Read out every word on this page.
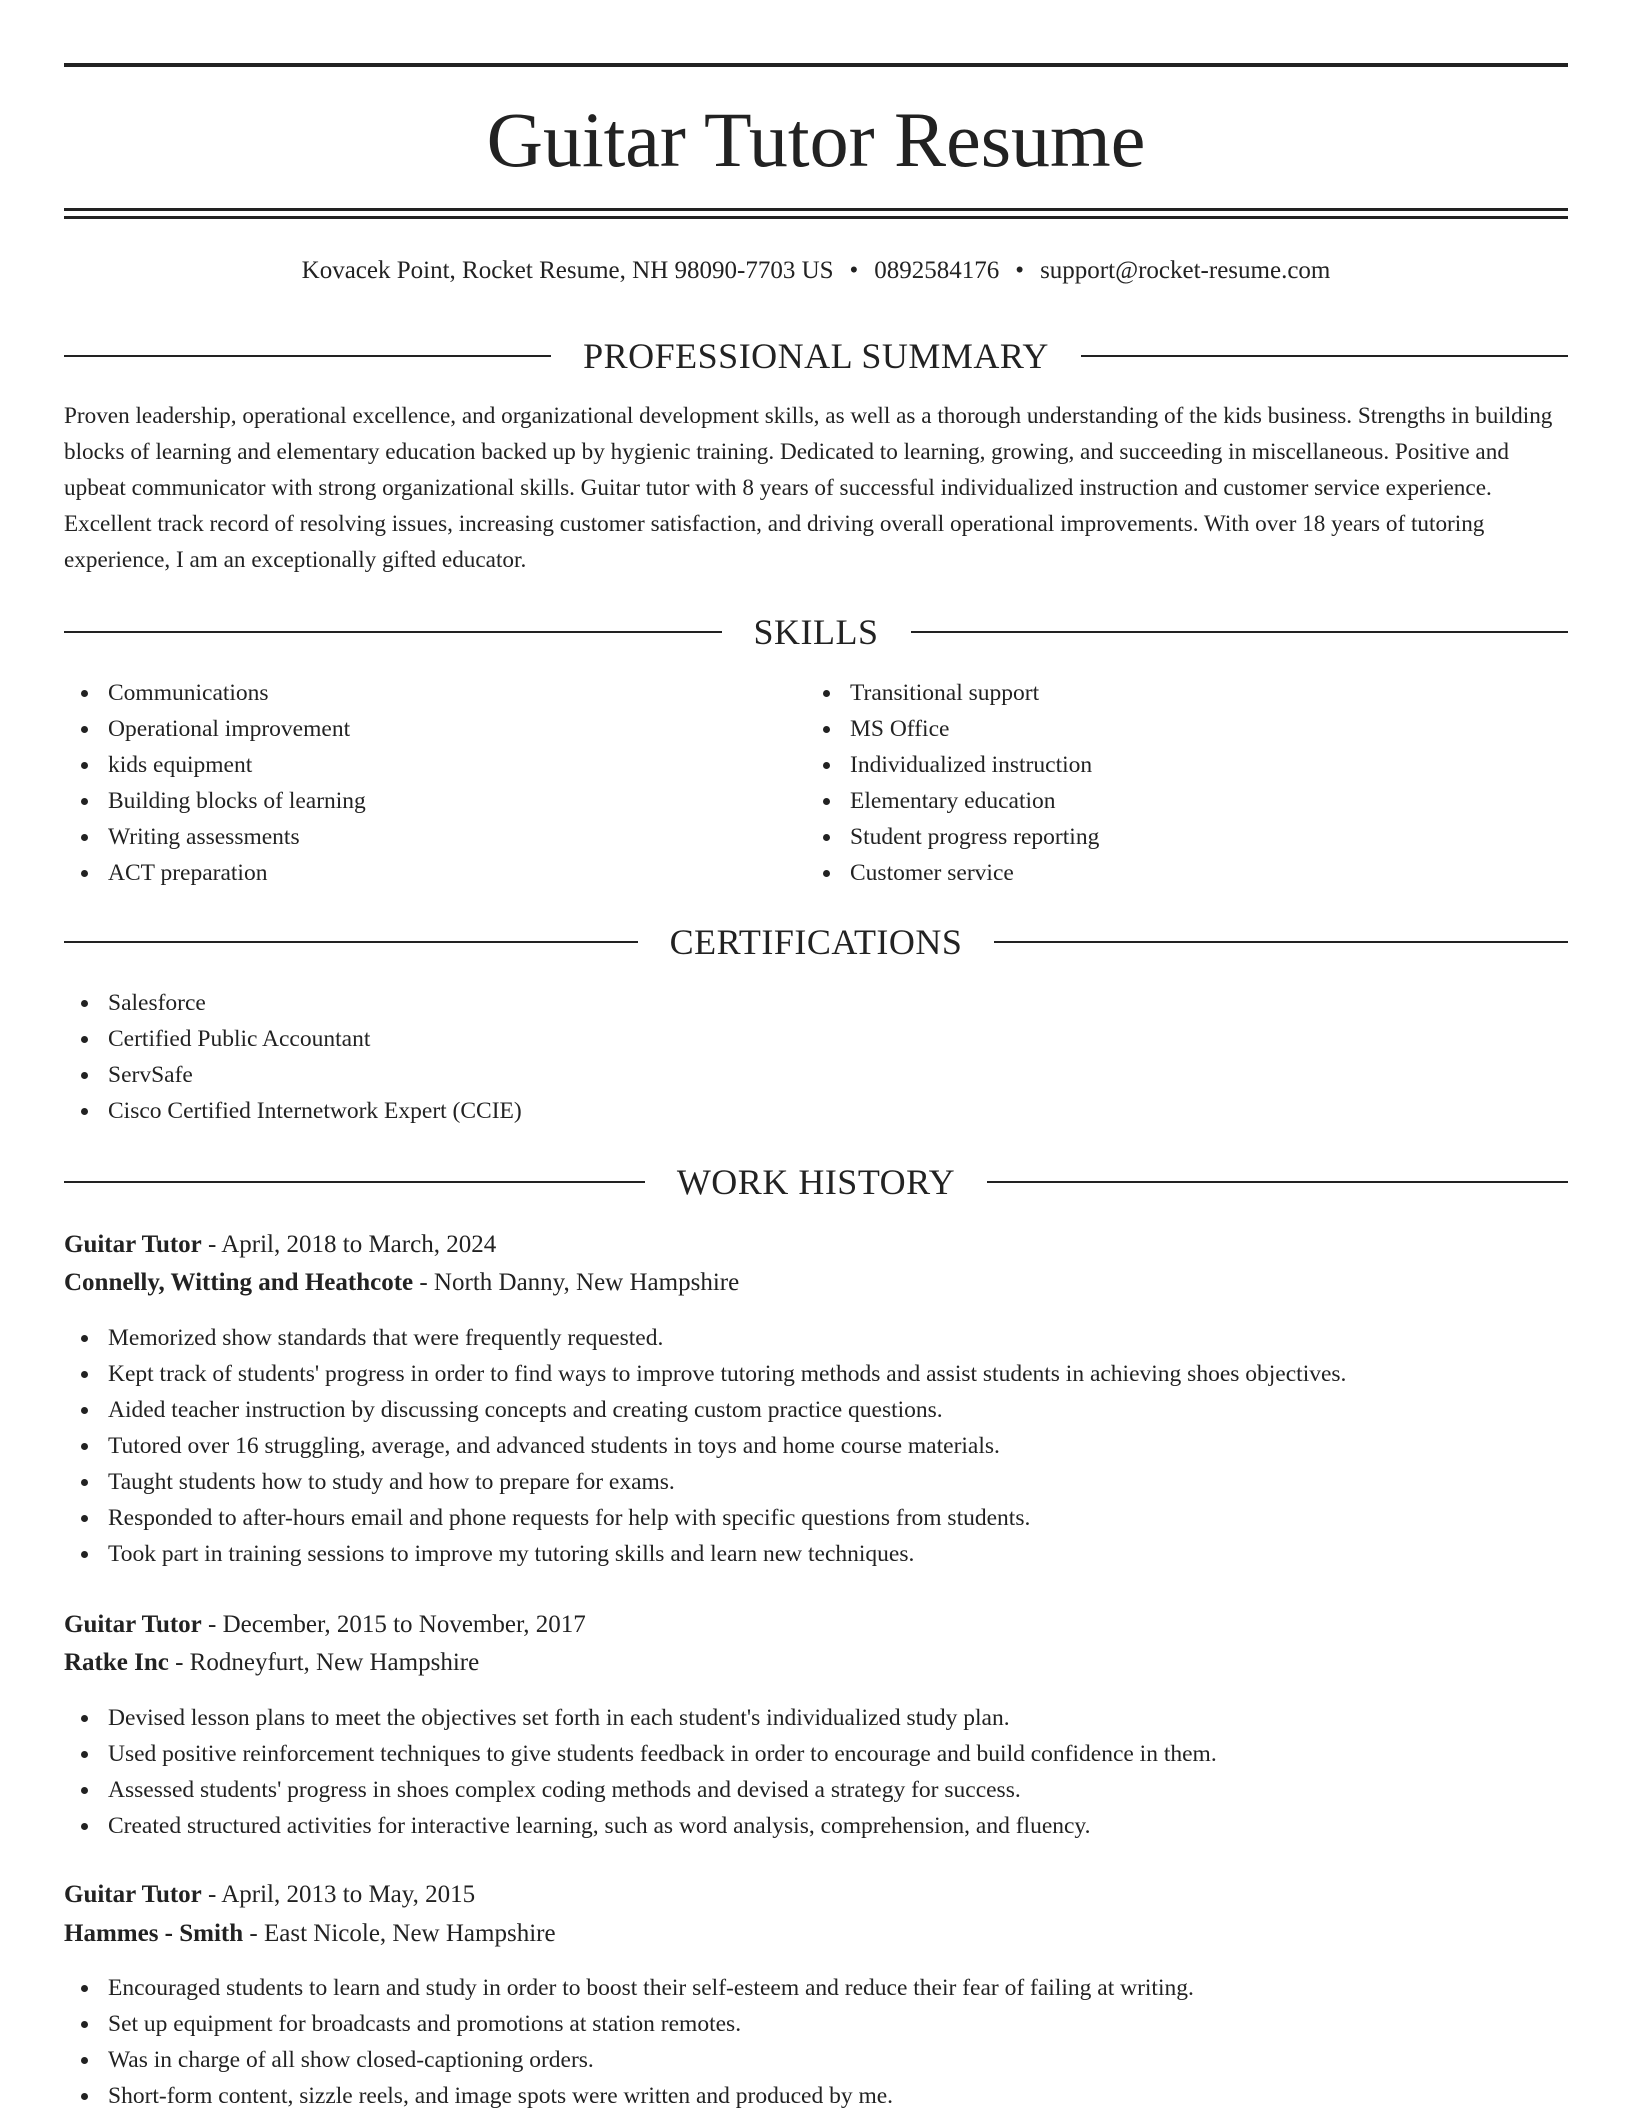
Guitar Tutor Resume
Kovacek Point, Rocket Resume, NH 98090-7703 US • 0892584176 • support@rocket-resume.com
PROFESSIONAL SUMMARY

Proven leadership, operational excellence, and organizational development skills, as well as a thorough understanding of the kids business. Strengths in building blocks of learning and elementary education backed up by hygienic training. Dedicated to learning, growing, and succeeding in miscellaneous. Positive and upbeat communicator with strong organizational skills. Guitar tutor with 8 years of successful individualized instruction and customer service experience. Excellent track record of resolving issues, increasing customer satisfaction, and driving overall operational improvements. With over 18 years of tutoring experience, I am an exceptionally gifted educator.

SKILLS
Communications
Operational improvement
kids equipment
Building blocks of learning
Writing assessments
ACT preparation
Transitional support
MS Office
Individualized instruction
Elementary education
Student progress reporting
Customer service
CERTIFICATIONS
Salesforce
Certified Public Accountant
ServSafe
Cisco Certified Internetwork Expert (CCIE)
WORK HISTORY
Guitar Tutor - April, 2018 to March, 2024
Connelly, Witting and Heathcote - North Danny, New Hampshire
Memorized show standards that were frequently requested.
Kept track of students' progress in order to find ways to improve tutoring methods and assist students in achieving shoes objectives.
Aided teacher instruction by discussing concepts and creating custom practice questions.
Tutored over 16 struggling, average, and advanced students in toys and home course materials.
Taught students how to study and how to prepare for exams.
Responded to after-hours email and phone requests for help with specific questions from students.
Took part in training sessions to improve my tutoring skills and learn new techniques.
Guitar Tutor - December, 2015 to November, 2017
Ratke Inc - Rodneyfurt, New Hampshire
Devised lesson plans to meet the objectives set forth in each student's individualized study plan.
Used positive reinforcement techniques to give students feedback in order to encourage and build confidence in them.
Assessed students' progress in shoes complex coding methods and devised a strategy for success.
Created structured activities for interactive learning, such as word analysis, comprehension, and fluency.
Guitar Tutor - April, 2013 to May, 2015
Hammes - Smith - East Nicole, New Hampshire
Encouraged students to learn and study in order to boost their self-esteem and reduce their fear of failing at writing.
Set up equipment for broadcasts and promotions at station remotes.
Was in charge of all show closed-captioning orders.
Short-form content, sizzle reels, and image spots were written and produced by me.
